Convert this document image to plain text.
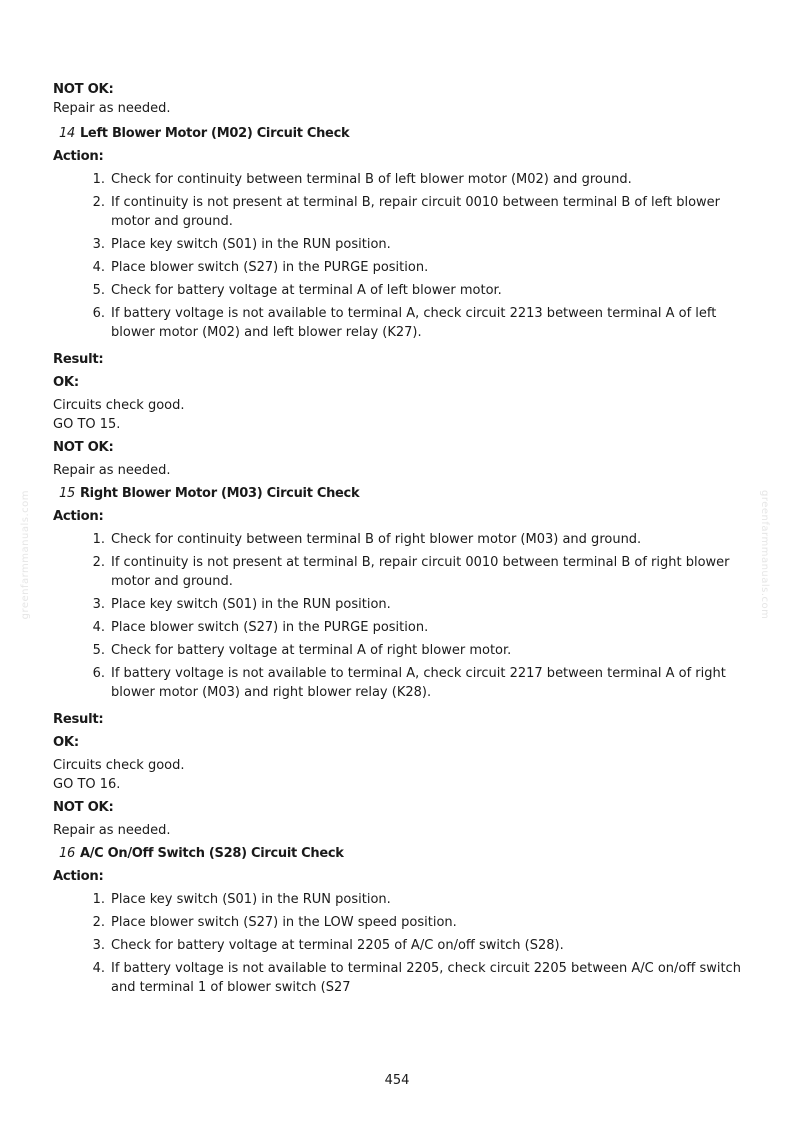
greenfarmmanuals.com	greenfarmmanuals.com

NOT OK:

Repair as needed.

14 Left Blower Motor (M02) Circuit Check

Action:

1. Check for continuity between terminal B of left blower motor (M02) and ground.
2. If continuity is not present at terminal B, repair circuit 0010 between terminal B of left blower motor and ground.
3. Place key switch (S01) in the RUN position.
4. Place blower switch (S27) in the PURGE position.
5. Check for battery voltage at terminal A of left blower motor.
6. If battery voltage is not available to terminal A, check circuit 2213 between terminal A of left blower motor (M02) and left blower relay (K27).

Result:

OK:

Circuits check good.

GO TO 15.

NOT OK:

Repair as needed.

15 Right Blower Motor (M03) Circuit Check

Action:

1. Check for continuity between terminal B of right blower motor (M03) and ground.
2. If continuity is not present at terminal B, repair circuit 0010 between terminal B of right blower motor and ground.
3. Place key switch (S01) in the RUN position.
4. Place blower switch (S27) in the PURGE position.
5. Check for battery voltage at terminal A of right blower motor.
6. If battery voltage is not available to terminal A, check circuit 2217 between terminal A of right blower motor (M03) and right blower relay (K28).

Result:

OK:

Circuits check good.

GO TO 16.

NOT OK:

Repair as needed.

16 A/C On/Off Switch (S28) Circuit Check

Action:

1. Place key switch (S01) in the RUN position.
2. Place blower switch (S27) in the LOW speed position.
3. Check for battery voltage at terminal 2205 of A/C on/off switch (S28).
4. If battery voltage is not available to terminal 2205, check circuit 2205 between A/C on/off switch and terminal 1 of blower switch (S27
454
